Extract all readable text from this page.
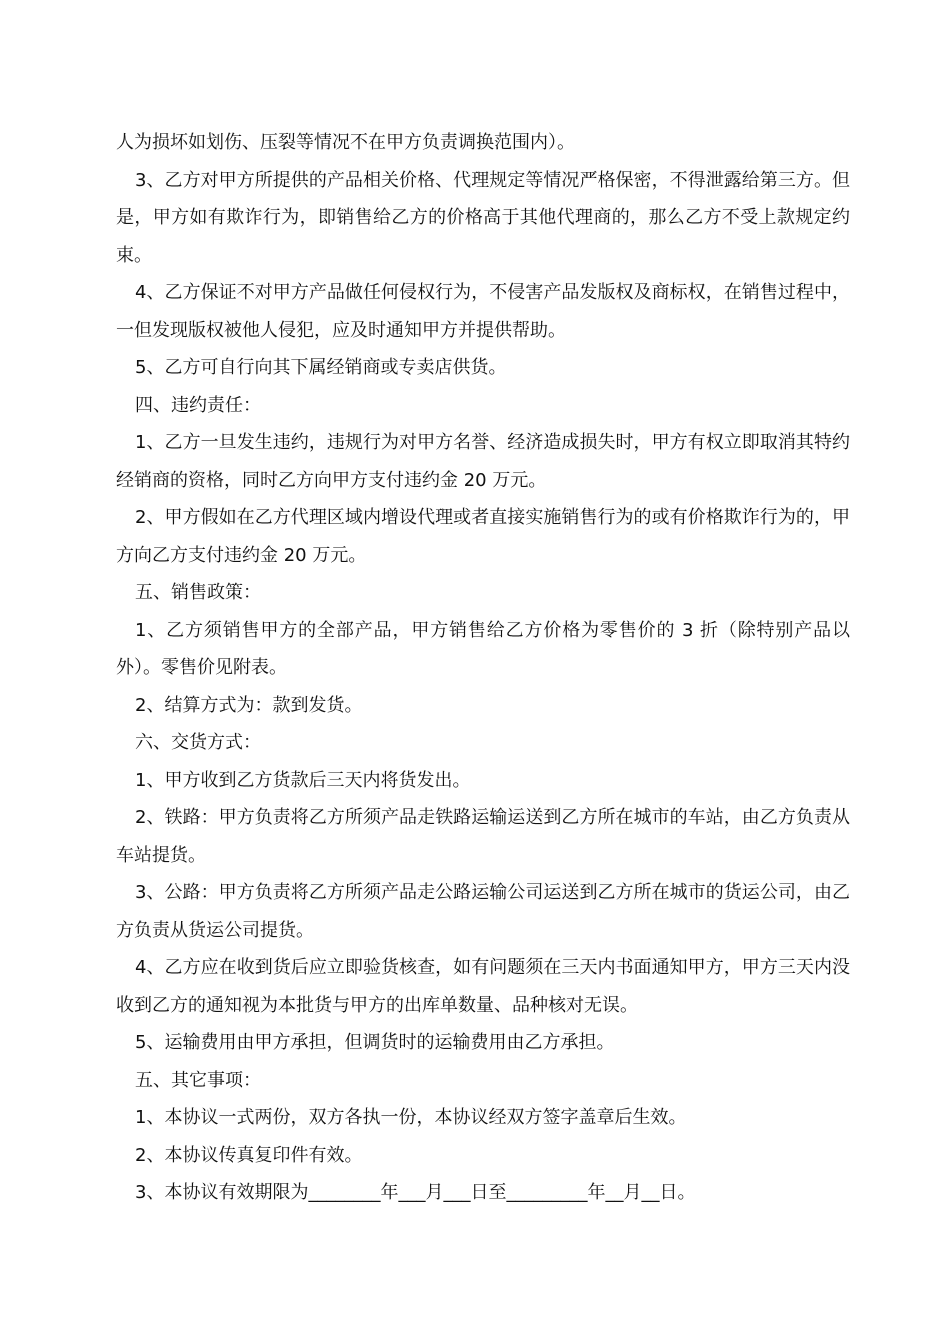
人为损坏如划伤、压裂等情况不在甲方负责调换范围内）。

3、乙方对甲方所提供的产品相关价格、代理规定等情况严格保密，不得泄露给第三方。但是，甲方如有欺诈行为，即销售给乙方的价格高于其他代理商的，那么乙方不受上款规定约束。

4、乙方保证不对甲方产品做任何侵权行为，不侵害产品发版权及商标权，在销售过程中，一但发现版权被他人侵犯，应及时通知甲方并提供帮助。

5、乙方可自行向其下属经销商或专卖店供货。

四、违约责任：

1、乙方一旦发生违约，违规行为对甲方名誉、经济造成损失时，甲方有权立即取消其特约经销商的资格，同时乙方向甲方支付违约金 20 万元。

2、甲方假如在乙方代理区域内增设代理或者直接实施销售行为的或有价格欺诈行为的，甲方向乙方支付违约金 20 万元。

五、销售政策：

1、乙方须销售甲方的全部产品，甲方销售给乙方价格为零售价的 3 折（除特别产品以外）。零售价见附表。

2、结算方式为：款到发货。

六、交货方式：

1、甲方收到乙方货款后三天内将货发出。

2、铁路：甲方负责将乙方所须产品走铁路运输运送到乙方所在城市的车站，由乙方负责从车站提货。

3、公路：甲方负责将乙方所须产品走公路运输公司运送到乙方所在城市的货运公司，由乙方负责从货运公司提货。

4、乙方应在收到货后应立即验货核查，如有问题须在三天内书面通知甲方，甲方三天内没收到乙方的通知视为本批货与甲方的出库单数量、品种核对无误。

5、运输费用由甲方承担，但调货时的运输费用由乙方承担。

五、其它事项：

1、本协议一式两份，双方各执一份，本协议经双方签字盖章后生效。

2、本协议传真复印件有效。

3、本协议有效期限为________年___月___日至_________年__月__日。
